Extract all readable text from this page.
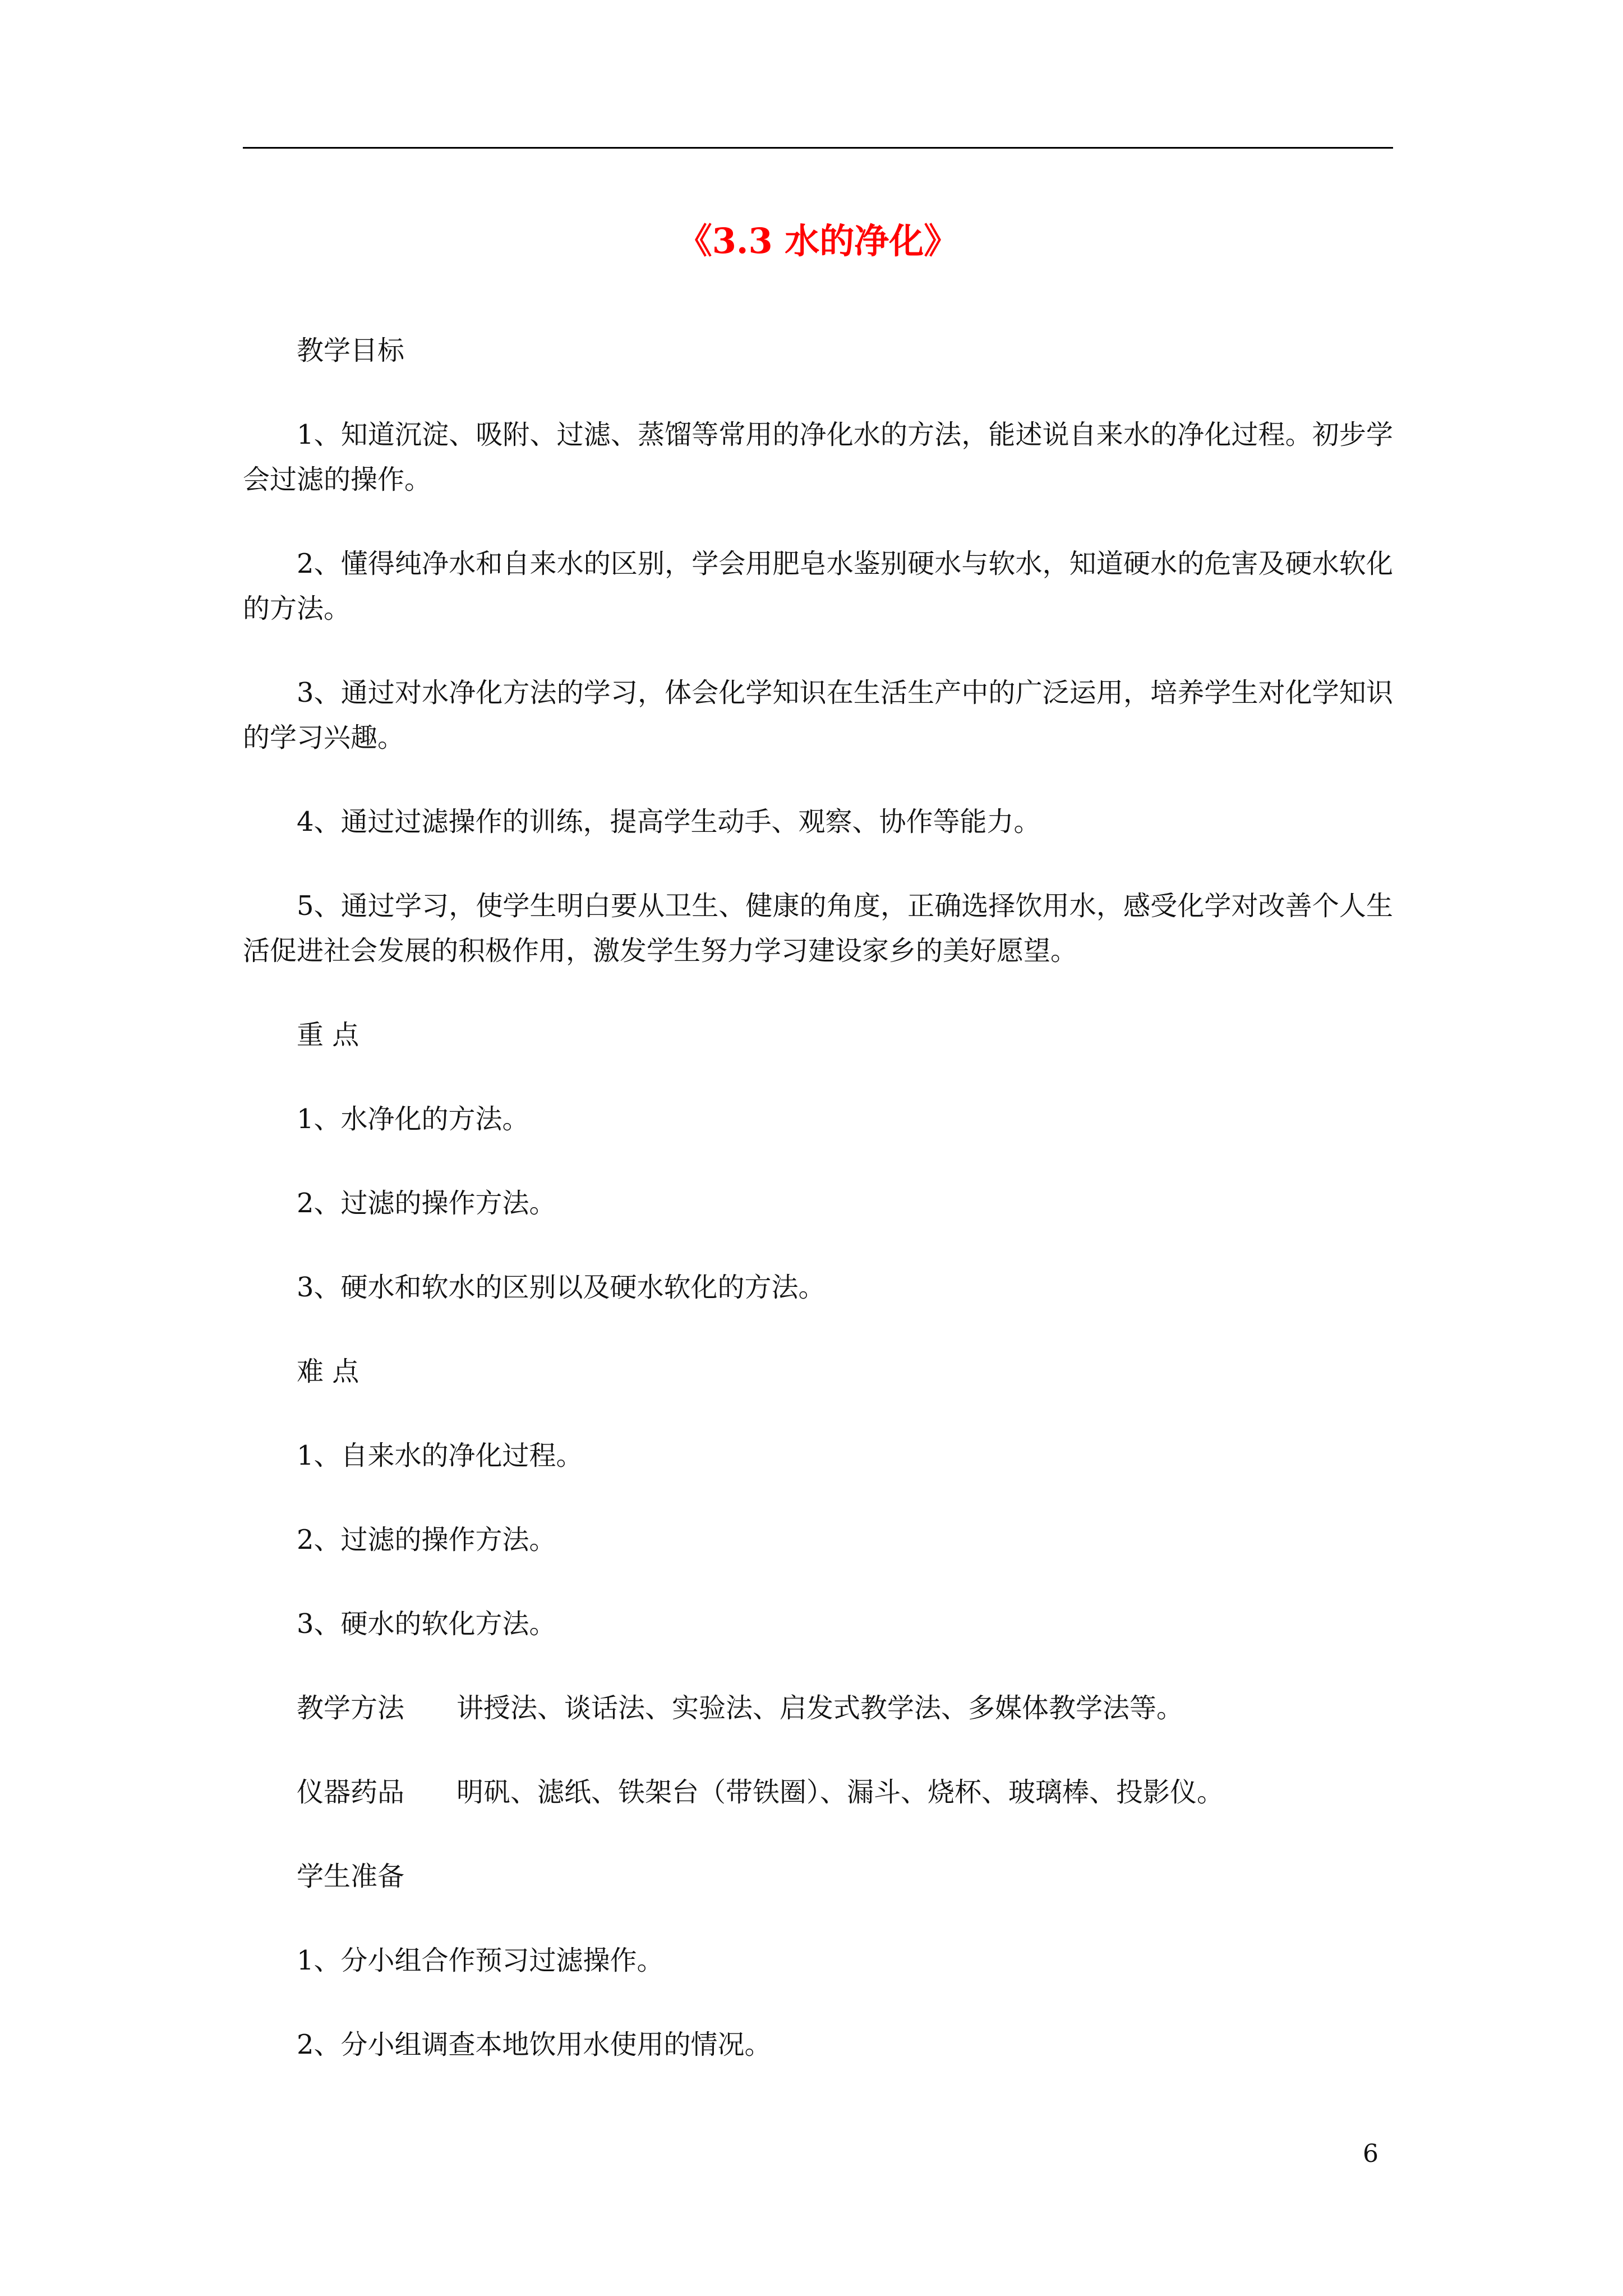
《3.3 水的净化》

教学目标

1、知道沉淀、吸附、过滤、蒸馏等常用的净化水的方法，能述说自来水的净化过程。初步学会过滤的操作。

2、懂得纯净水和自来水的区别，学会用肥皂水鉴别硬水与软水，知道硬水的危害及硬水软化的方法。

3、通过对水净化方法的学习，体会化学知识在生活生产中的广泛运用，培养学生对化学知识的学习兴趣。

4、通过过滤操作的训练，提高学生动手、观察、协作等能力。

5、通过学习，使学生明白要从卫生、健康的角度，正确选择饮用水，感受化学对改善个人生活促进社会发展的积极作用，激发学生努力学习建设家乡的美好愿望。

重 点

1、水净化的方法。

2、过滤的操作方法。

3、硬水和软水的区别以及硬水软化的方法。

难 点

1、自来水的净化过程。

2、过滤的操作方法。

3、硬水的软化方法。

教学方法 讲授法、谈话法、实验法、启发式教学法、多媒体教学法等。

仪器药品 明矾、滤纸、铁架台（带铁圈）、漏斗、烧杯、玻璃棒、投影仪。

学生准备

1、分小组合作预习过滤操作。

2、分小组调查本地饮用水使用的情况。

6
